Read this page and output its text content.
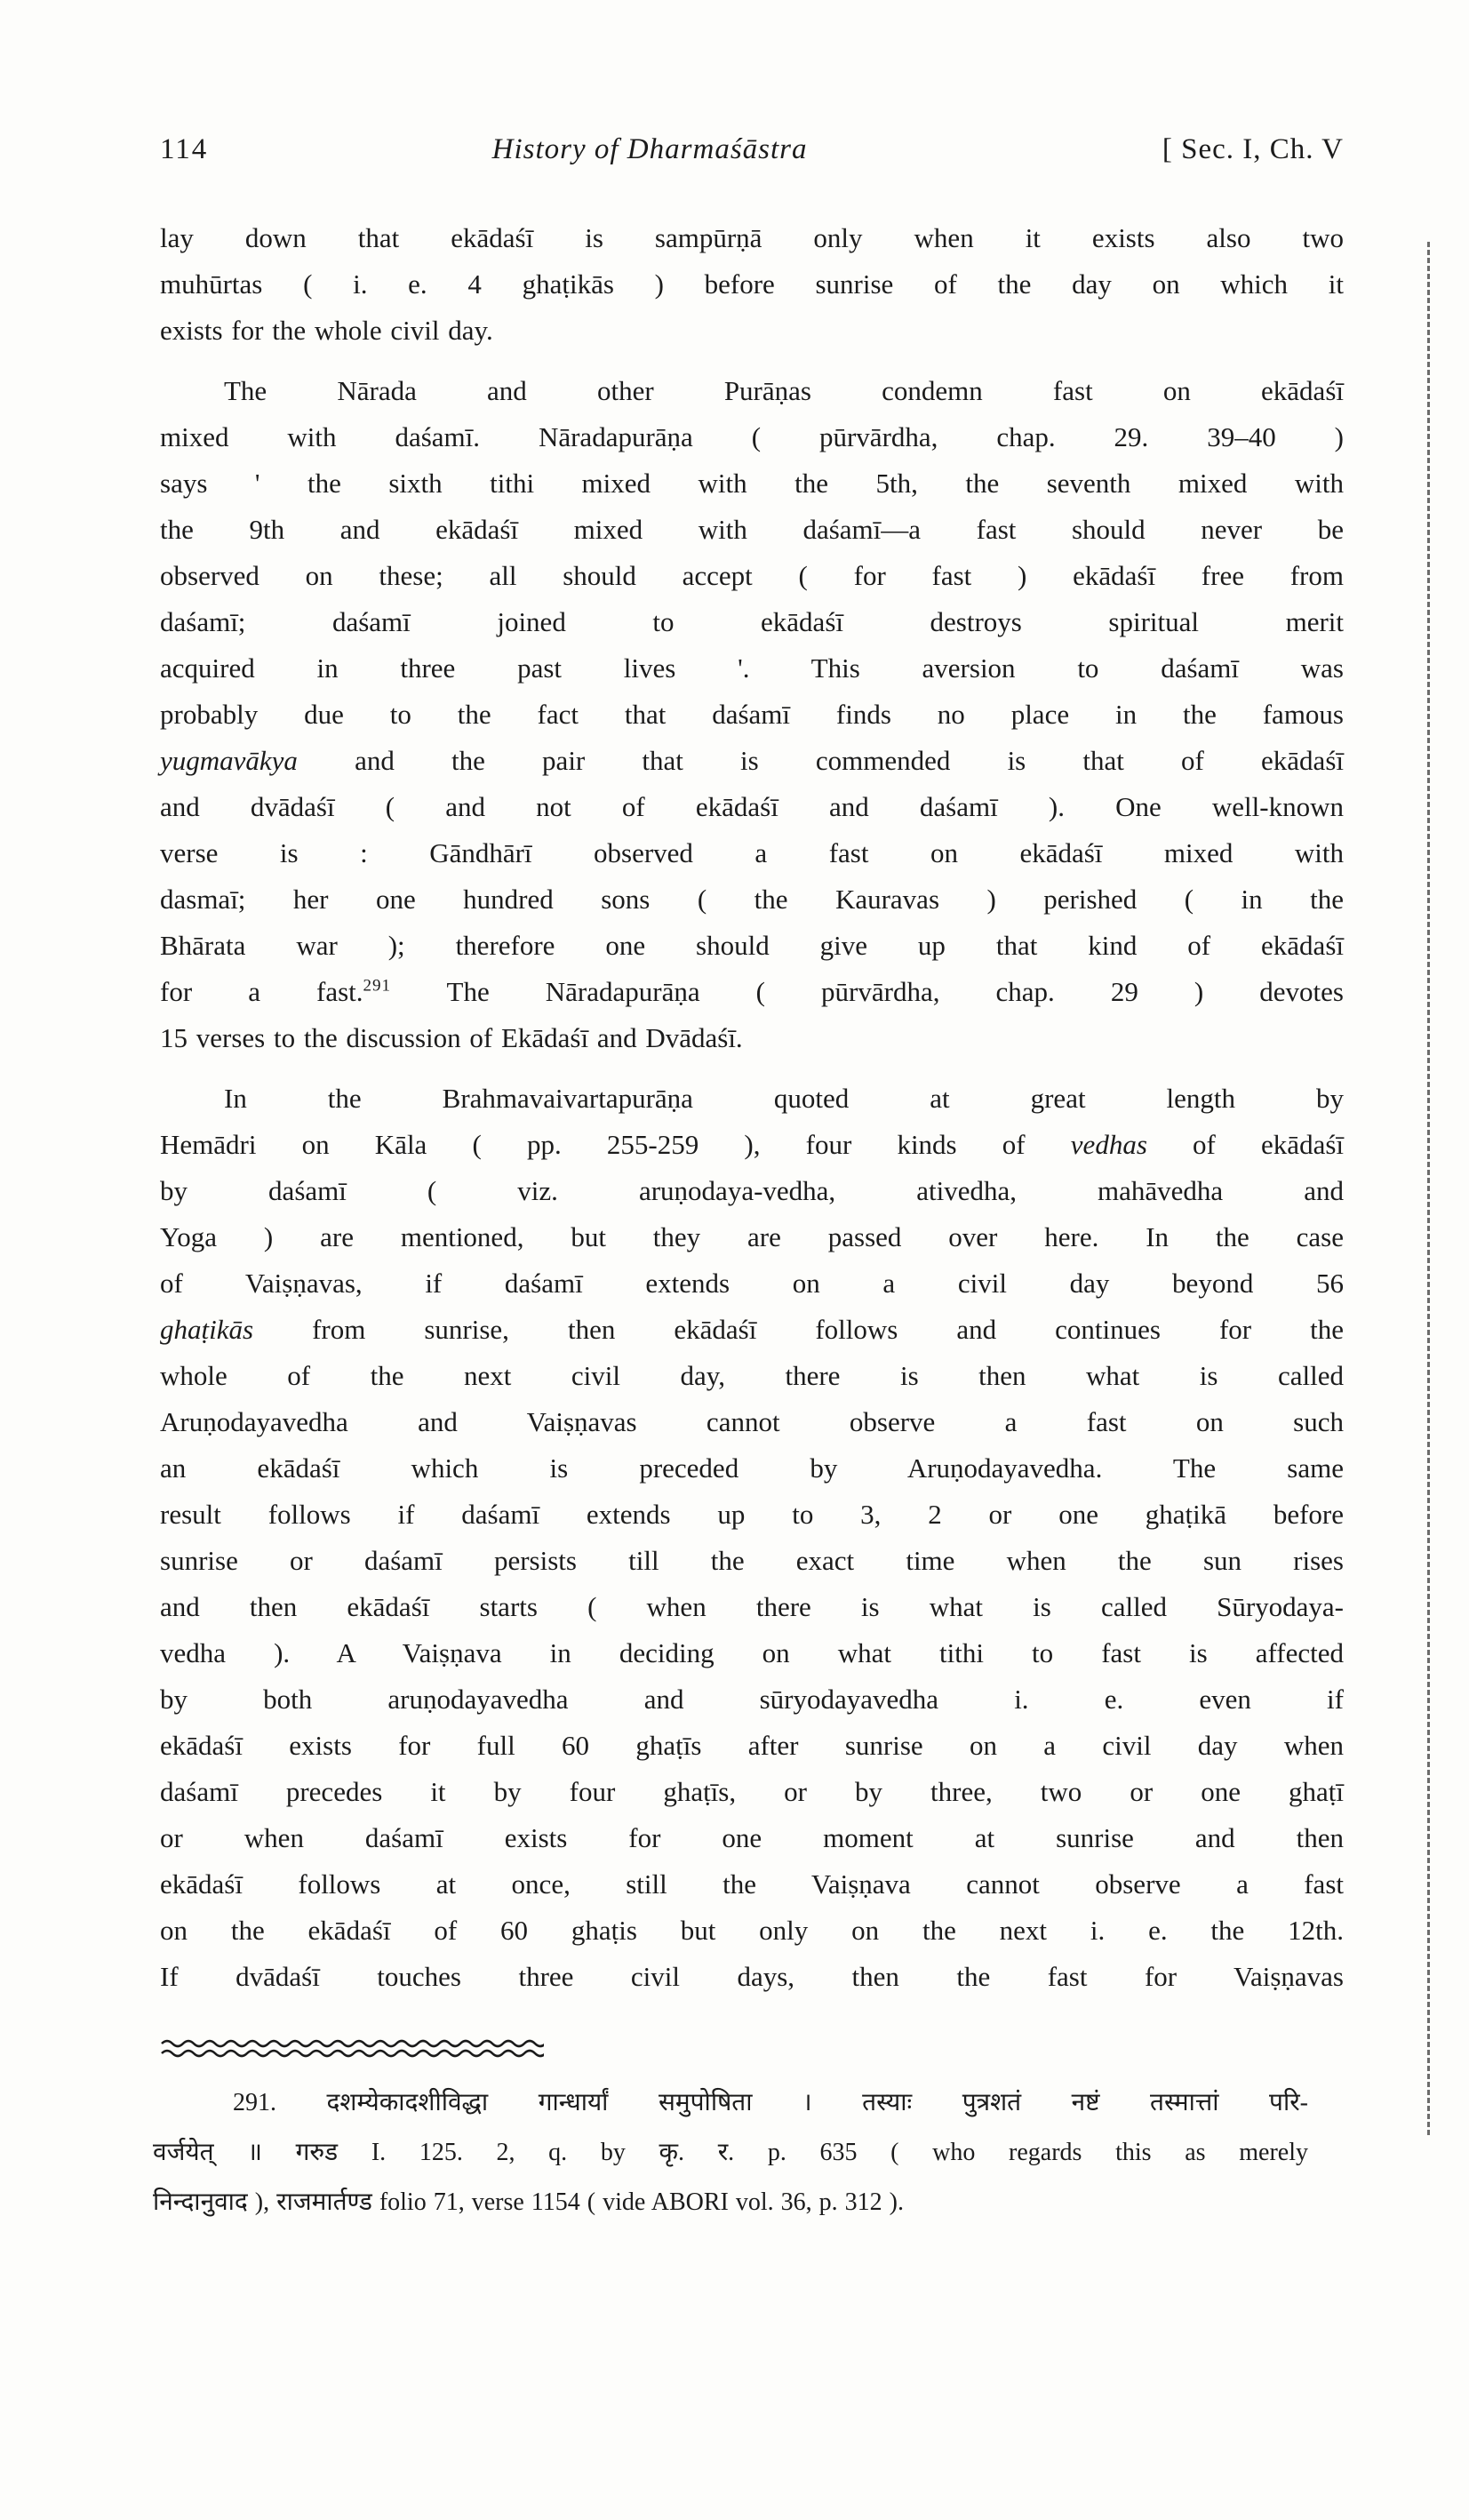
114	History of Dharmaśāstra	[ Sec. I, Ch. V
lay down that ekādaśī is sampūrṇā only when it exists also two
muhūrtas ( i. e. 4 ghaṭikās ) before sunrise of the day on which it
exists for the whole civil day.
The Nārada and other Purāṇas condemn fast on ekādaśī
mixed with daśamī. Nāradapurāṇa ( pūrvārdha, chap. 29. 39–40 )
says ' the sixth tithi mixed with the 5th, the seventh mixed with
the 9th and ekādaśī mixed with daśamī—a fast should never be
observed on these; all should accept ( for fast ) ekādaśī free from
daśamī; daśamī joined to ekādaśī destroys spiritual merit
acquired in three past lives '. This aversion to daśamī was
probably due to the fact that daśamī finds no place in the famous
yugmavākya and the pair that is commended is that of ekādaśī
and dvādaśī ( and not of ekādaśī and daśamī ). One well-known
verse is : Gāndhārī observed a fast on ekādaśī mixed with
dasmaī; her one hundred sons ( the Kauravas ) perished ( in the
Bhārata war ); therefore one should give up that kind of ekādaśī
for a fast.$^{291}$ The Nāradapurāṇa ( pūrvārdha, chap. 29 ) devotes
15 verses to the discussion of Ekādaśī and Dvādaśī.
In the Brahmavaivartapurāṇa quoted at great length by
Hemādri on Kāla ( pp. 255-259 ), four kinds of vedhas of ekādaśī
by daśamī ( viz. aruṇodaya-vedha, ativedha, mahāvedha and
Yoga ) are mentioned, but they are passed over here. In the case
of Vaiṣṇavas, if daśamī extends on a civil day beyond 56
ghaṭikās from sunrise, then ekādaśī follows and continues for the
whole of the next civil day, there is then what is called
Aruṇodayavedha and Vaiṣṇavas cannot observe a fast on such
an ekādaśī which is preceded by Aruṇodayavedha. The same
result follows if daśamī extends up to 3, 2 or one ghaṭikā before
sunrise or daśamī persists till the exact time when the sun rises
and then ekādaśī starts ( when there is what is called Sūryodaya-
vedha ). A Vaiṣṇava in deciding on what tithi to fast is affected
by both aruṇodayavedha and sūryodayavedha i. e. even if
ekādaśī exists for full 60 ghaṭīs after sunrise on a civil day when
daśamī precedes it by four ghaṭīs, or by three, two or one ghaṭī
or when daśamī exists for one moment at sunrise and then
ekādaśī follows at once, still the Vaiṣṇava cannot observe a fast
on the ekādaśī of 60 ghaṭis but only on the next i. e. the 12th.
If dvādaśī touches three civil days, then the fast for Vaiṣṇavas
291. दशम्येकादशीविद्धा गान्धार्यां समुपोषिता । तस्याः पुत्रशतं नष्टं तस्मात्तां परि-
वर्जयेत् ॥ गरुड I. 125. 2, q. by कृ. र. p. 635 ( who regards this as merely
निन्दानुवाद ), राजमार्तण्ड folio 71, verse 1154 ( vide ABORI vol. 36, p. 312 ).
